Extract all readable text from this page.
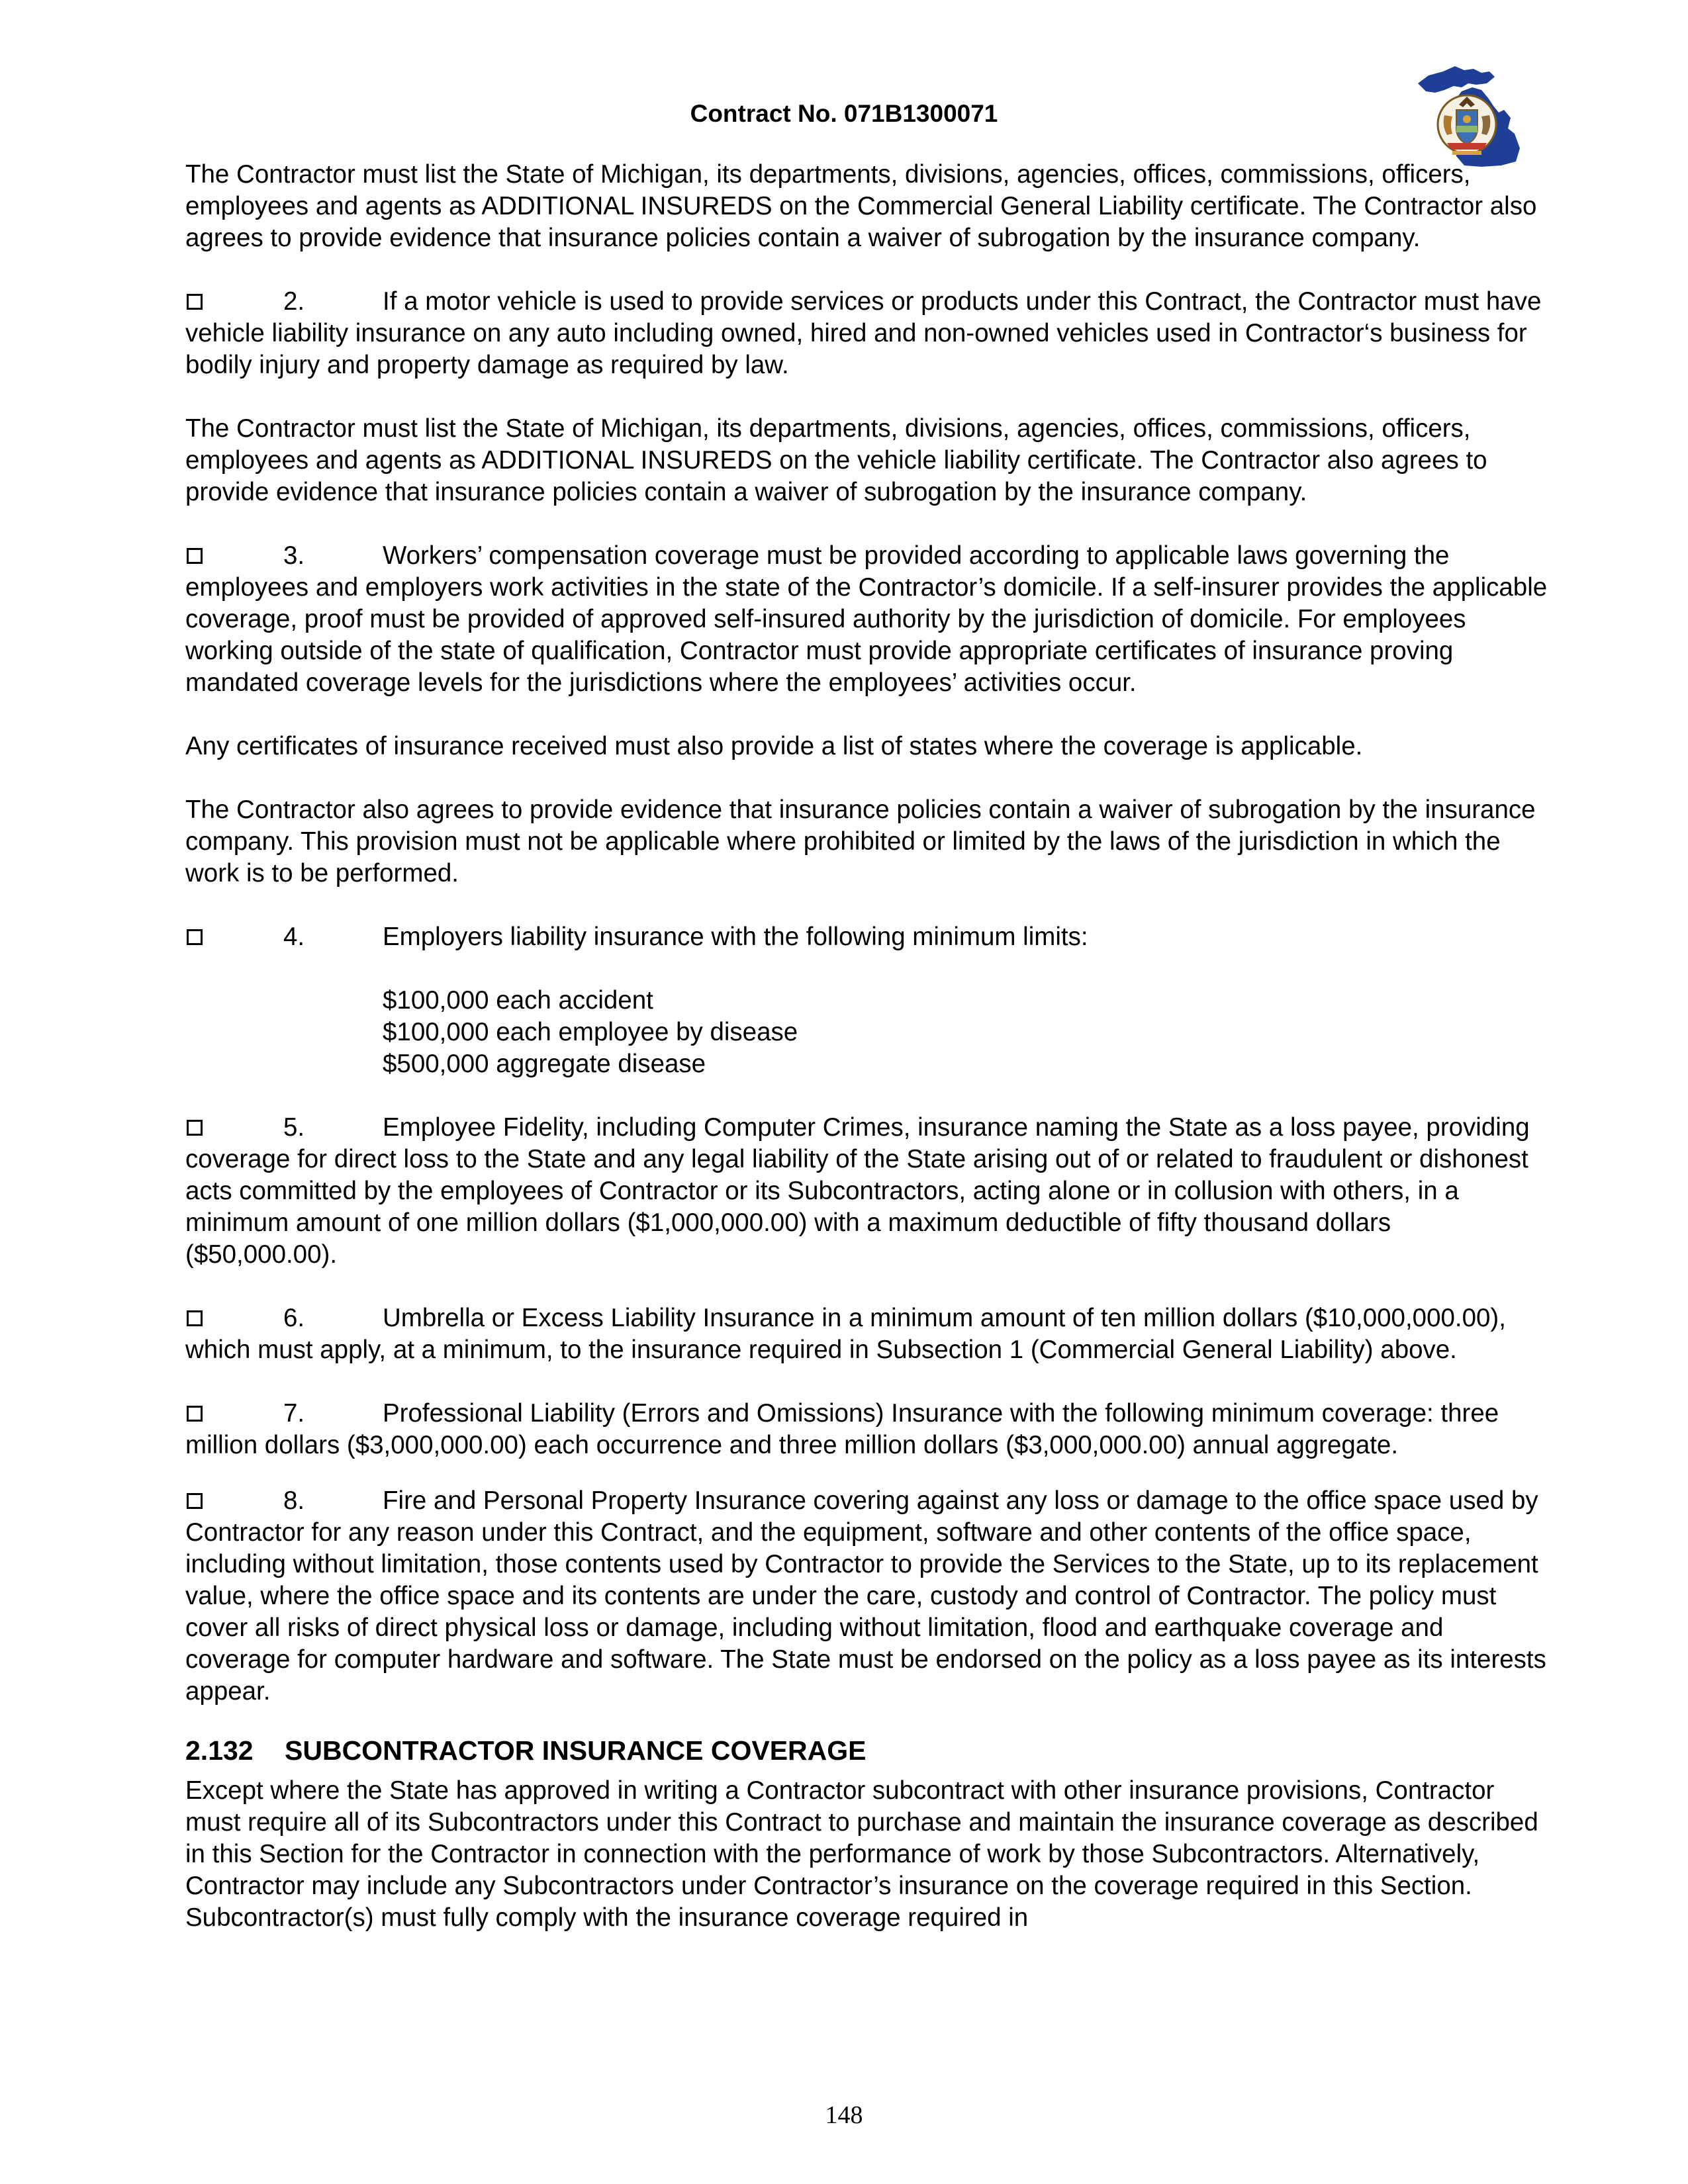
Contract No. 071B1300071

The Contractor must list the State of Michigan, its departments, divisions, agencies, offices, commissions, officers, employees and agents as ADDITIONAL INSUREDS on the Commercial General Liability certificate. The Contractor also agrees to provide evidence that insurance policies contain a waiver of subrogation by the insurance company.

2.	If a motor vehicle is used to provide services or products under this Contract, the Contractor must have vehicle liability insurance on any auto including owned, hired and non-owned vehicles used in Contractor‘s business for bodily injury and property damage as required by law.

The Contractor must list the State of Michigan, its departments, divisions, agencies, offices, commissions, officers, employees and agents as ADDITIONAL INSUREDS on the vehicle liability certificate. The Contractor also agrees to provide evidence that insurance policies contain a waiver of subrogation by the insurance company.

3.	Workers’ compensation coverage must be provided according to applicable laws governing the employees and employers work activities in the state of the Contractor’s domicile. If a self-insurer provides the applicable coverage, proof must be provided of approved self-insured authority by the jurisdiction of domicile. For employees working outside of the state of qualification, Contractor must provide appropriate certificates of insurance proving mandated coverage levels for the jurisdictions where the employees’ activities occur.

Any certificates of insurance received must also provide a list of states where the coverage is applicable.

The Contractor also agrees to provide evidence that insurance policies contain a waiver of subrogation by the insurance company. This provision must not be applicable where prohibited or limited by the laws of the jurisdiction in which the work is to be performed.

4.	Employers liability insurance with the following minimum limits:
$100,000 each accident
$100,000 each employee by disease
$500,000 aggregate disease
5.	Employee Fidelity, including Computer Crimes, insurance naming the State as a loss payee, providing coverage for direct loss to the State and any legal liability of the State arising out of or related to fraudulent or dishonest acts committed by the employees of Contractor or its Subcontractors, acting alone or in collusion with others, in a minimum amount of one million dollars ($1,000,000.00) with a maximum deductible of fifty thousand dollars ($50,000.00).
6.	Umbrella or Excess Liability Insurance in a minimum amount of ten million dollars ($10,000,000.00), which must apply, at a minimum, to the insurance required in Subsection 1 (Commercial General Liability) above.
7.	Professional Liability (Errors and Omissions) Insurance with the following minimum coverage: three million dollars ($3,000,000.00) each occurrence and three million dollars ($3,000,000.00) annual aggregate.
8.	Fire and Personal Property Insurance covering against any loss or damage to the office space used by Contractor for any reason under this Contract, and the equipment, software and other contents of the office space, including without limitation, those contents used by Contractor to provide the Services to the State, up to its replacement value, where the office space and its contents are under the care, custody and control of Contractor. The policy must cover all risks of direct physical loss or damage, including without limitation, flood and earthquake coverage and coverage for computer hardware and software. The State must be endorsed on the policy as a loss payee as its interests appear.
2.132 SUBCONTRACTOR INSURANCE COVERAGE

Except where the State has approved in writing a Contractor subcontract with other insurance provisions, Contractor must require all of its Subcontractors under this Contract to purchase and maintain the insurance coverage as described in this Section for the Contractor in connection with the performance of work by those Subcontractors. Alternatively, Contractor may include any Subcontractors under Contractor’s insurance on the coverage required in this Section. Subcontractor(s) must fully comply with the insurance coverage required in

148
